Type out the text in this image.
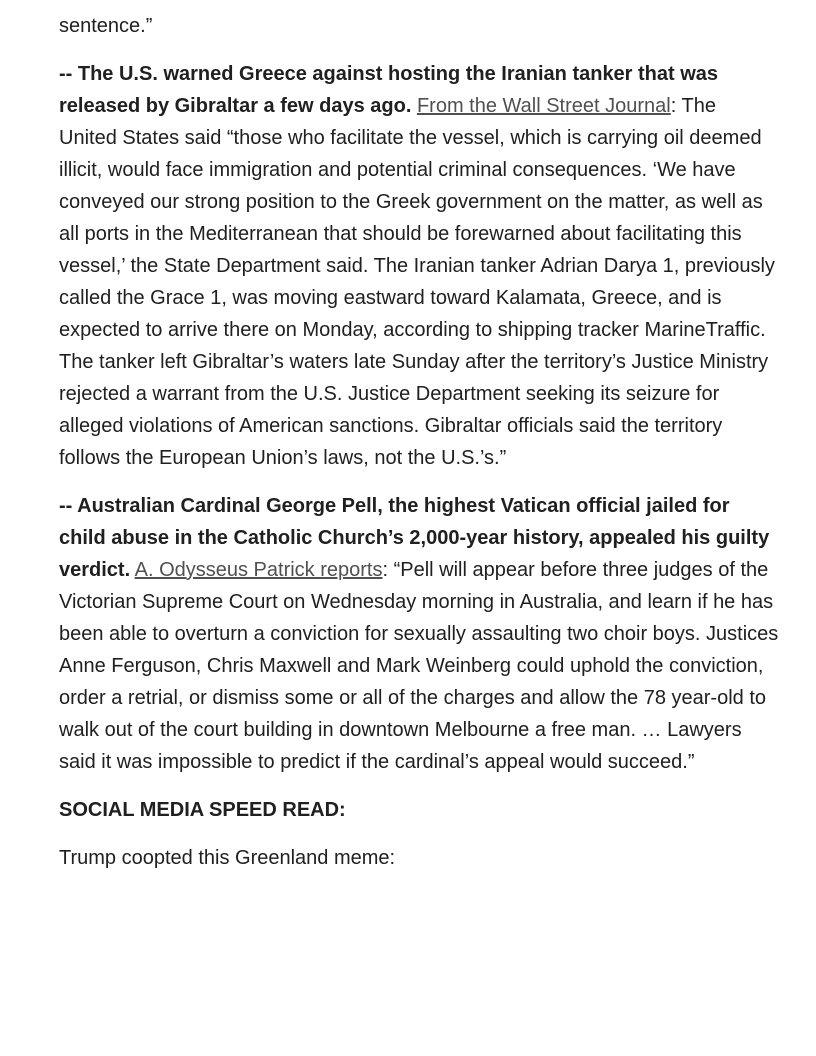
sentence.”

-- The U.S. warned Greece against hosting the Iranian tanker that was released by Gibraltar a few days ago. From the Wall Street Journal: The United States said “those who facilitate the vessel, which is carrying oil deemed illicit, would face immigration and potential criminal consequences. ‘We have conveyed our strong position to the Greek government on the matter, as well as all ports in the Mediterranean that should be forewarned about facilitating this vessel,’ the State Department said. The Iranian tanker Adrian Darya 1, previously called the Grace 1, was moving eastward toward Kalamata, Greece, and is expected to arrive there on Monday, according to shipping tracker MarineTraffic. The tanker left Gibraltar’s waters late Sunday after the territory’s Justice Ministry rejected a warrant from the U.S. Justice Department seeking its seizure for alleged violations of American sanctions. Gibraltar officials said the territory follows the European Union’s laws, not the U.S.’s.”

-- Australian Cardinal George Pell, the highest Vatican official jailed for child abuse in the Catholic Church’s 2,000-year history, appealed his guilty verdict. A. Odysseus Patrick reports: “Pell will appear before three judges of the Victorian Supreme Court on Wednesday morning in Australia, and learn if he has been able to overturn a conviction for sexually assaulting two choir boys. Justices Anne Ferguson, Chris Maxwell and Mark Weinberg could uphold the conviction, order a retrial, or dismiss some or all of the charges and allow the 78 year-old to walk out of the court building in downtown Melbourne a free man. … Lawyers said it was impossible to predict if the cardinal’s appeal would succeed.”

SOCIAL MEDIA SPEED READ:

Trump coopted this Greenland meme:
